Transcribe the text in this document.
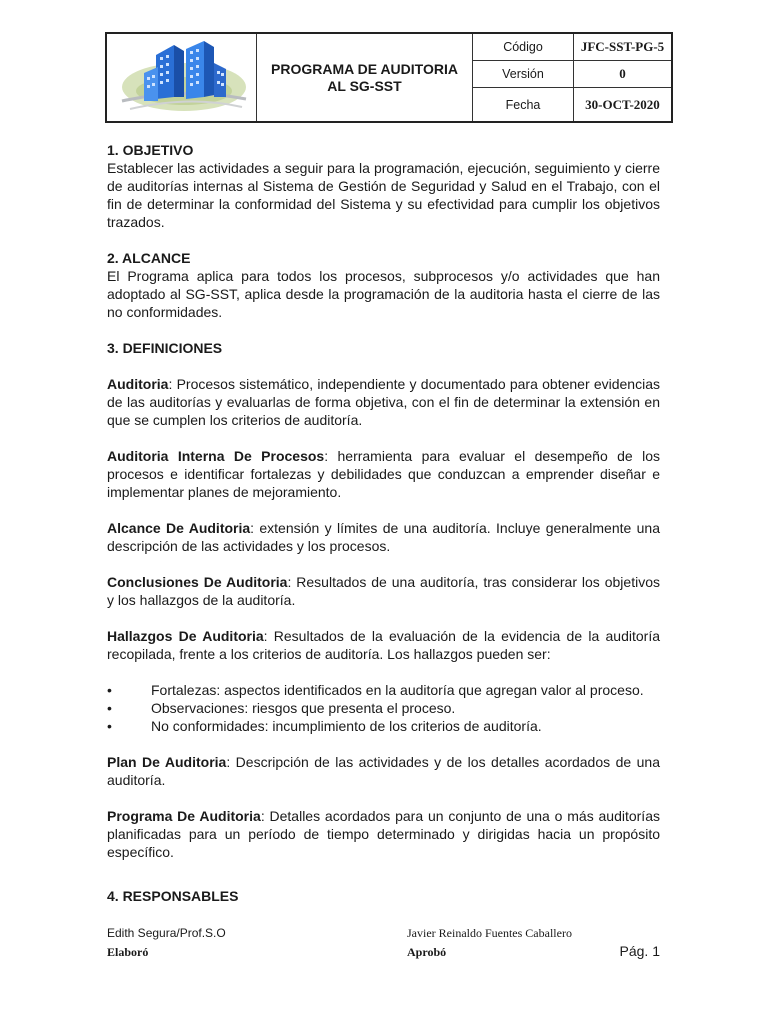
PROGRAMA DE AUDITORIA AL SG-SST
Código	JFC-SST-PG-5
Versión	0
Fecha	30-OCT-2020

1. OBJETIVO

Establecer las actividades a seguir para la programación, ejecución, seguimiento y cierre de auditorías internas al Sistema de Gestión de Seguridad y Salud en el Trabajo, con el fin de determinar la conformidad del Sistema y su efectividad para cumplir los objetivos trazados.

2. ALCANCE

El Programa aplica para todos los procesos, subprocesos y/o actividades que han adoptado al SG-SST, aplica desde la programación de la auditoria hasta el cierre de las no conformidades.

3. DEFINICIONES

Auditoria: Procesos sistemático, independiente y documentado para obtener evidencias de las auditorías y evaluarlas de forma objetiva, con el fin de determinar la extensión en que se cumplen los criterios de auditoría.

Auditoria Interna De Procesos: herramienta para evaluar el desempeño de los procesos e identificar fortalezas y debilidades que conduzcan a emprender diseñar e implementar planes de mejoramiento.

Alcance De Auditoria: extensión y límites de una auditoría. Incluye generalmente una descripción de las actividades y los procesos.

Conclusiones De Auditoria: Resultados de una auditoría, tras considerar los objetivos y los hallazgos de la auditoría.

Hallazgos De Auditoria: Resultados de la evaluación de la evidencia de la auditoría recopilada, frente a los criterios de auditoría. Los hallazgos pueden ser:

•	Fortalezas: aspectos identificados en la auditoría que agregan valor al proceso.
•	Observaciones: riesgos que presenta el proceso.
•	No conformidades: incumplimiento de los criterios de auditoría.

Plan De Auditoria: Descripción de las actividades y de los detalles acordados de una auditoría.

Programa De Auditoria: Detalles acordados para un conjunto de una o más auditorías planificadas para un período de tiempo determinado y dirigidas hacia un propósito específico.

4. RESPONSABLES

Edith Segura/Prof.S.O	Javier Reinaldo Fuentes Caballero
Elaboró	Aprobó	Pág. 1
